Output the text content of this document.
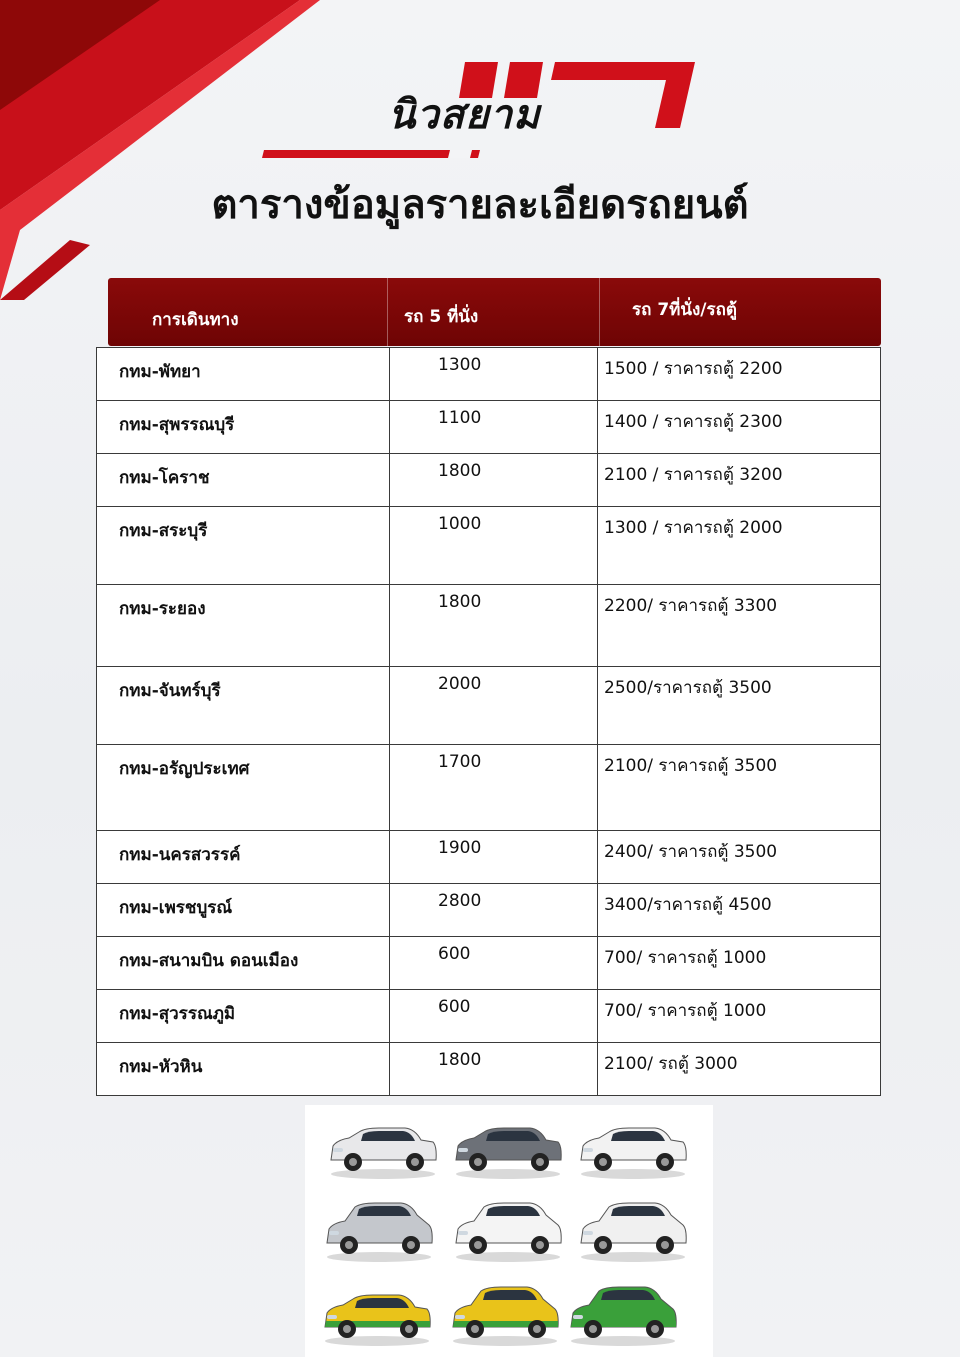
นิวสยาม
ตารางข้อมูลรายละเอียดรถยนต์
การเดินทาง	รถ 5 ที่นั่ง	รถ 7ที่นั่ง/รถตู้
กทม-พัทยา	1300	1500 / ราคารถตู้ 2200
กทม-สุพรรณบุรี	1100	1400 / ราคารถตู้ 2300
กทม-โคราช	1800	2100 / ราคารถตู้ 3200
กทม-สระบุรี	1000	1300 / ราคารถตู้ 2000
กทม-ระยอง	1800	2200/ ราคารถตู้ 3300
กทม-จันทร์บุรี	2000	2500/ราคารถตู้ 3500
กทม-อรัญประเทศ	1700	2100/ ราคารถตู้ 3500
กทม-นครสวรรค์	1900	2400/ ราคารถตู้ 3500
กทม-เพรชบูรณ์	2800	3400/ราคารถตู้ 4500
กทม-สนามบิน ดอนเมือง	600	700/ ราคารถตู้ 1000
กทม-สุวรรณภูมิ	600	700/ ราคารถตู้ 1000
กทม-หัวหิน	1800	2100/ รถตู้ 3000
